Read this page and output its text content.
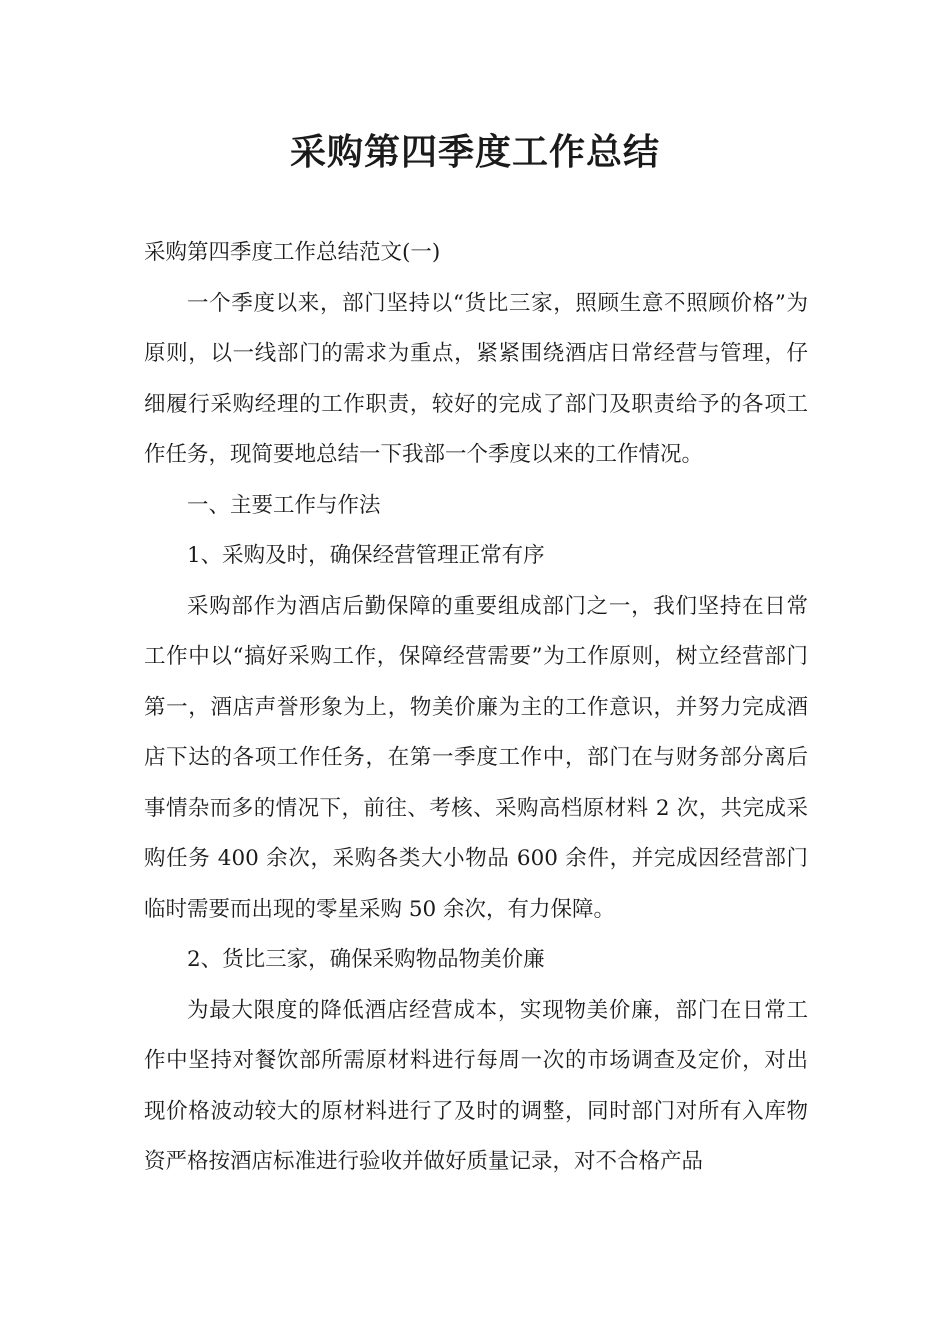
采购第四季度工作总结

采购第四季度工作总结范文(一)

一个季度以来，部门坚持以“货比三家，照顾生意不照顾价格”为原则，以一线部门的需求为重点，紧紧围绕酒店日常经营与管理，仔细履行采购经理的工作职责，较好的完成了部门及职责给予的各项工作任务，现简要地总结一下我部一个季度以来的工作情况。

一、主要工作与作法

1、采购及时，确保经营管理正常有序

采购部作为酒店后勤保障的重要组成部门之一，我们坚持在日常工作中以“搞好采购工作，保障经营需要”为工作原则，树立经营部门第一，酒店声誉形象为上，物美价廉为主的工作意识，并努力完成酒店下达的各项工作任务，在第一季度工作中，部门在与财务部分离后事情杂而多的情况下，前往、考核、采购高档原材料 2 次，共完成采购任务 400 余次，采购各类大小物品 600 余件，并完成因经营部门临时需要而出现的零星采购 50 余次，有力保障。

2、货比三家，确保采购物品物美价廉

为最大限度的降低酒店经营成本，实现物美价廉，部门在日常工作中坚持对餐饮部所需原材料进行每周一次的市场调查及定价，对出现价格波动较大的原材料进行了及时的调整，同时部门对所有入库物资严格按酒店标准进行验收并做好质量记录，对不合格产品
